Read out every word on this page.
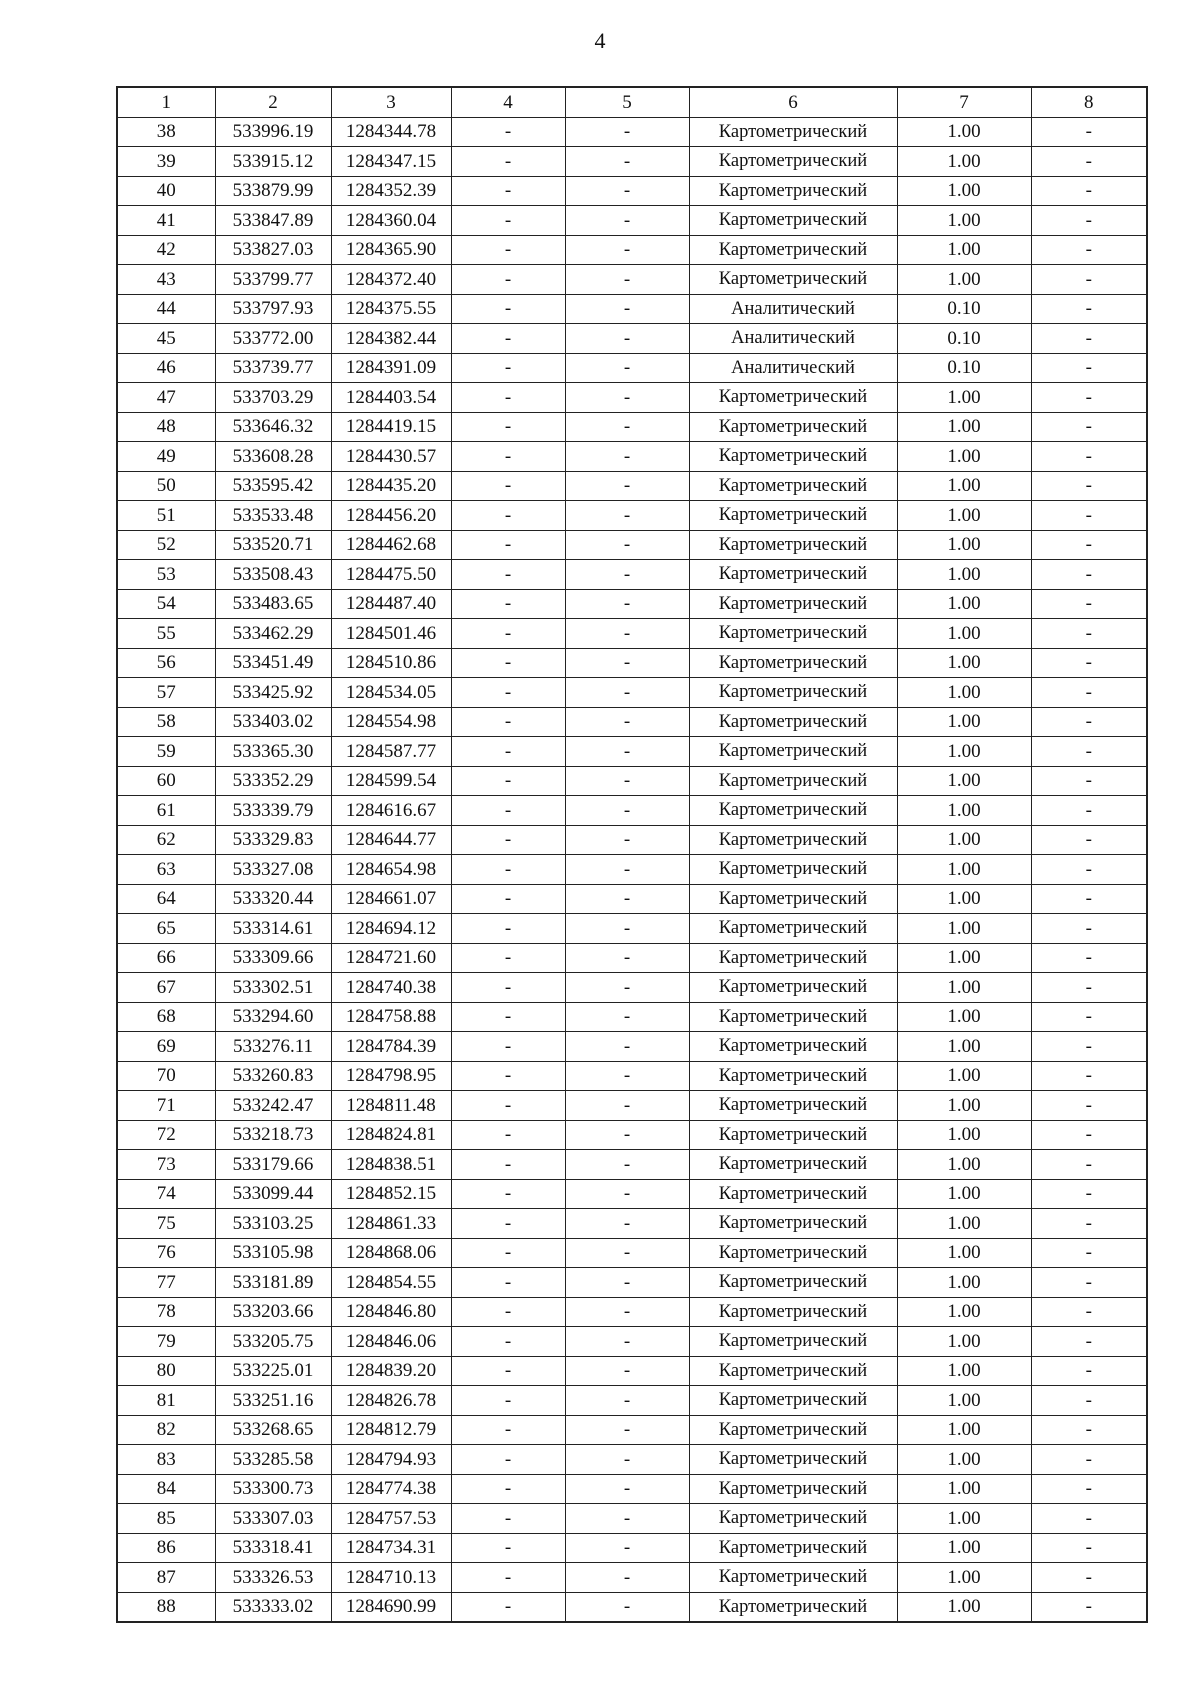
4
1	2	3	4	5	6	7	8
38	533996.19	1284344.78	-	-	Картометрический	1.00	-
39	533915.12	1284347.15	-	-	Картометрический	1.00	-
40	533879.99	1284352.39	-	-	Картометрический	1.00	-
41	533847.89	1284360.04	-	-	Картометрический	1.00	-
42	533827.03	1284365.90	-	-	Картометрический	1.00	-
43	533799.77	1284372.40	-	-	Картометрический	1.00	-
44	533797.93	1284375.55	-	-	Аналитический	0.10	-
45	533772.00	1284382.44	-	-	Аналитический	0.10	-
46	533739.77	1284391.09	-	-	Аналитический	0.10	-
47	533703.29	1284403.54	-	-	Картометрический	1.00	-
48	533646.32	1284419.15	-	-	Картометрический	1.00	-
49	533608.28	1284430.57	-	-	Картометрический	1.00	-
50	533595.42	1284435.20	-	-	Картометрический	1.00	-
51	533533.48	1284456.20	-	-	Картометрический	1.00	-
52	533520.71	1284462.68	-	-	Картометрический	1.00	-
53	533508.43	1284475.50	-	-	Картометрический	1.00	-
54	533483.65	1284487.40	-	-	Картометрический	1.00	-
55	533462.29	1284501.46	-	-	Картометрический	1.00	-
56	533451.49	1284510.86	-	-	Картометрический	1.00	-
57	533425.92	1284534.05	-	-	Картометрический	1.00	-
58	533403.02	1284554.98	-	-	Картометрический	1.00	-
59	533365.30	1284587.77	-	-	Картометрический	1.00	-
60	533352.29	1284599.54	-	-	Картометрический	1.00	-
61	533339.79	1284616.67	-	-	Картометрический	1.00	-
62	533329.83	1284644.77	-	-	Картометрический	1.00	-
63	533327.08	1284654.98	-	-	Картометрический	1.00	-
64	533320.44	1284661.07	-	-	Картометрический	1.00	-
65	533314.61	1284694.12	-	-	Картометрический	1.00	-
66	533309.66	1284721.60	-	-	Картометрический	1.00	-
67	533302.51	1284740.38	-	-	Картометрический	1.00	-
68	533294.60	1284758.88	-	-	Картометрический	1.00	-
69	533276.11	1284784.39	-	-	Картометрический	1.00	-
70	533260.83	1284798.95	-	-	Картометрический	1.00	-
71	533242.47	1284811.48	-	-	Картометрический	1.00	-
72	533218.73	1284824.81	-	-	Картометрический	1.00	-
73	533179.66	1284838.51	-	-	Картометрический	1.00	-
74	533099.44	1284852.15	-	-	Картометрический	1.00	-
75	533103.25	1284861.33	-	-	Картометрический	1.00	-
76	533105.98	1284868.06	-	-	Картометрический	1.00	-
77	533181.89	1284854.55	-	-	Картометрический	1.00	-
78	533203.66	1284846.80	-	-	Картометрический	1.00	-
79	533205.75	1284846.06	-	-	Картометрический	1.00	-
80	533225.01	1284839.20	-	-	Картометрический	1.00	-
81	533251.16	1284826.78	-	-	Картометрический	1.00	-
82	533268.65	1284812.79	-	-	Картометрический	1.00	-
83	533285.58	1284794.93	-	-	Картометрический	1.00	-
84	533300.73	1284774.38	-	-	Картометрический	1.00	-
85	533307.03	1284757.53	-	-	Картометрический	1.00	-
86	533318.41	1284734.31	-	-	Картометрический	1.00	-
87	533326.53	1284710.13	-	-	Картометрический	1.00	-
88	533333.02	1284690.99	-	-	Картометрический	1.00	-
